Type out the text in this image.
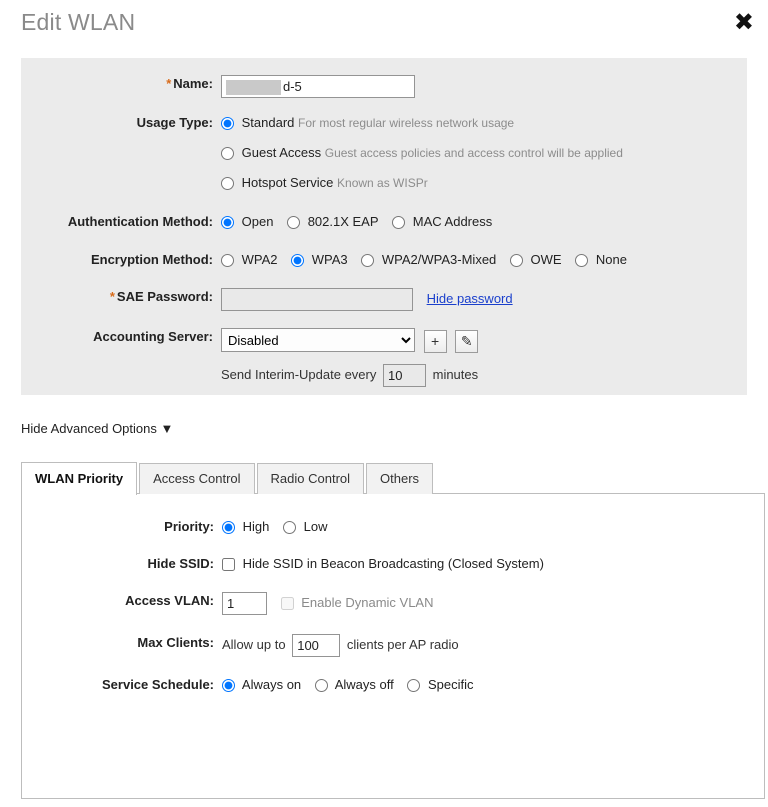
Edit WLAN	✖
* Name:	d-5
Usage Type:	Standard For most regular wireless network usage
Guest Access Guest access policies and access control will be applied
Hotspot Service Known as WISPr
Authentication Method:	Open	802.1X EAP	MAC Address
Encryption Method:	WPA2	WPA3	WPA2/WPA3-Mixed	OWE	None
* SAE Password:	Hide password
Accounting Server:
Disabled	+ ✎
Send Interim-Update every 10	minutes
Hide Advanced Options ▼
WLAN Priority	Access Control	Radio Control	Others
Priority:	High	Low
Hide SSID:	Hide SSID in Beacon Broadcasting (Closed System)
Access VLAN:
1	Enable Dynamic VLAN
Max Clients: Allow up to 100	clients per AP radio
Service Schedule:	Always on	Always off	Specific
